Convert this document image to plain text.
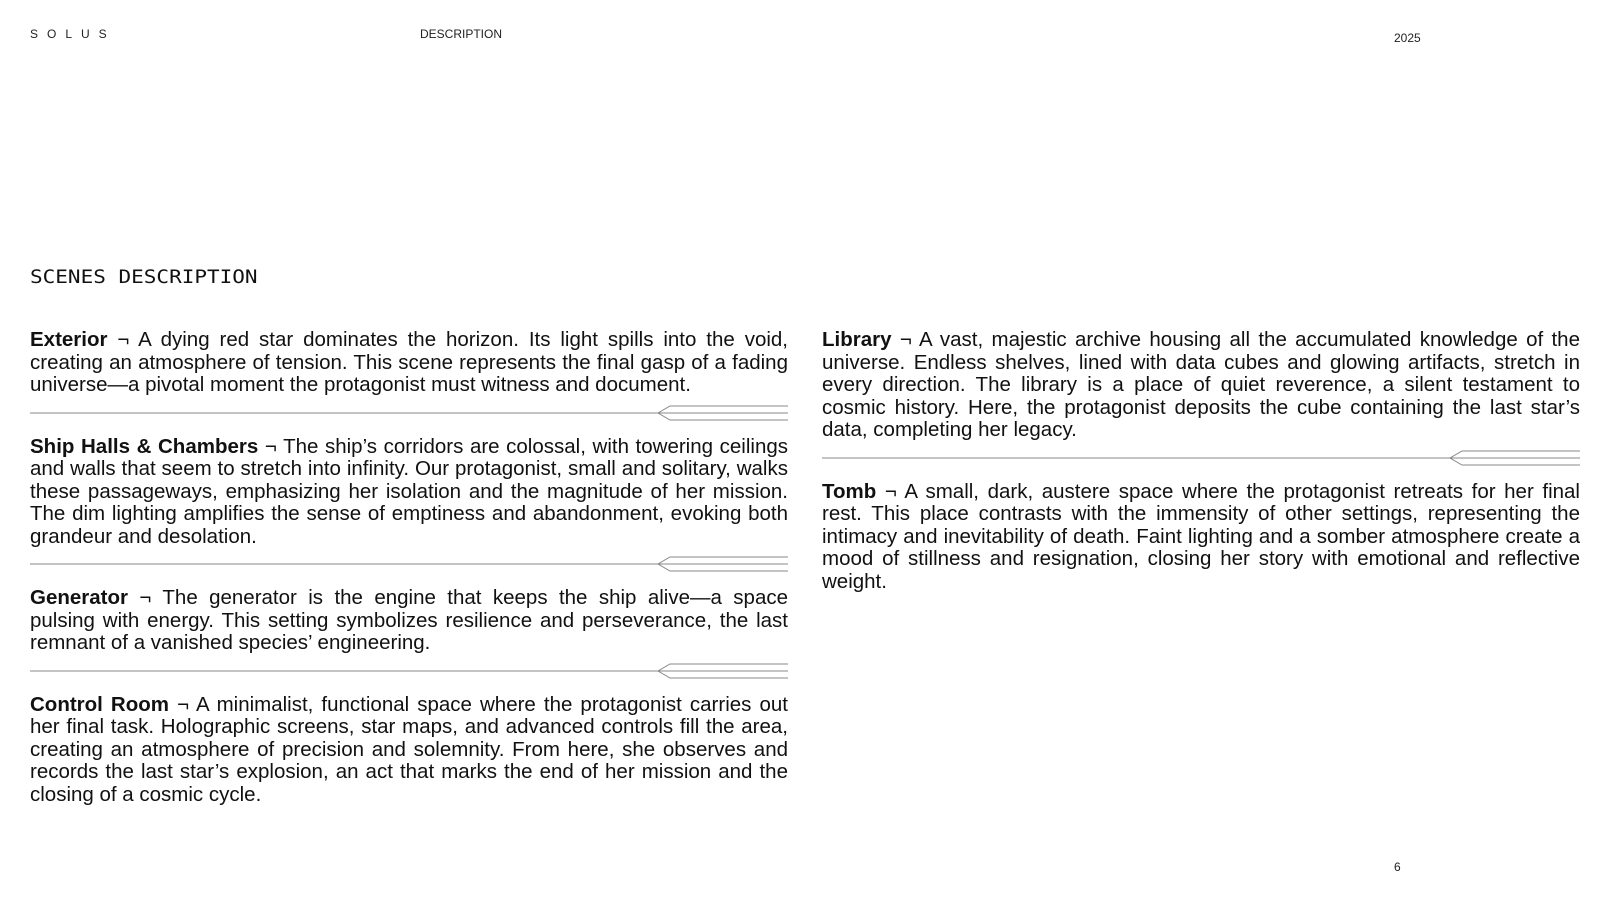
SOLUS	DESCRIPTION	2025
SCENES DESCRIPTION

Exterior ¬ A dying red star dominates the horizon. Its light spills into the void, creating an atmosphere of tension. This scene represents the final gasp of a fading universe—a pivotal moment the protagonist must witness and document.

Ship Halls & Chambers ¬ The ship’s corridors are colossal, with towering ceilings and walls that seem to stretch into infinity. Our protagonist, small and solitary, walks these passageways, emphasizing her isolation and the magnitude of her mission. The dim lighting amplifies the sense of emptiness and abandonment, evoking both grandeur and desolation.

Generator ¬ The generator is the engine that keeps the ship alive—a space pulsing with energy. This setting symbolizes resilience and perseverance, the last remnant of a vanished species’ engineering.

Control Room ¬ A minimalist, functional space where the protagonist carries out her final task. Holographic screens, star maps, and advanced controls fill the area, creating an atmosphere of precision and solemnity. From here, she observes and records the last star’s explosion, an act that marks the end of her mission and the closing of a cosmic cycle.

Library ¬ A vast, majestic archive housing all the accumulated knowledge of the universe. Endless shelves, lined with data cubes and glowing artifacts, stretch in every direction. The library is a place of quiet reverence, a silent testament to cosmic history. Here, the protagonist deposits the cube containing the last star’s data, completing her legacy.

Tomb ¬ A small, dark, austere space where the protagonist retreats for her final rest. This place contrasts with the immensity of other settings, representing the intimacy and inevitability of death. Faint lighting and a somber atmosphere create a mood of stillness and resignation, closing her story with emotional and reflective weight.

6
